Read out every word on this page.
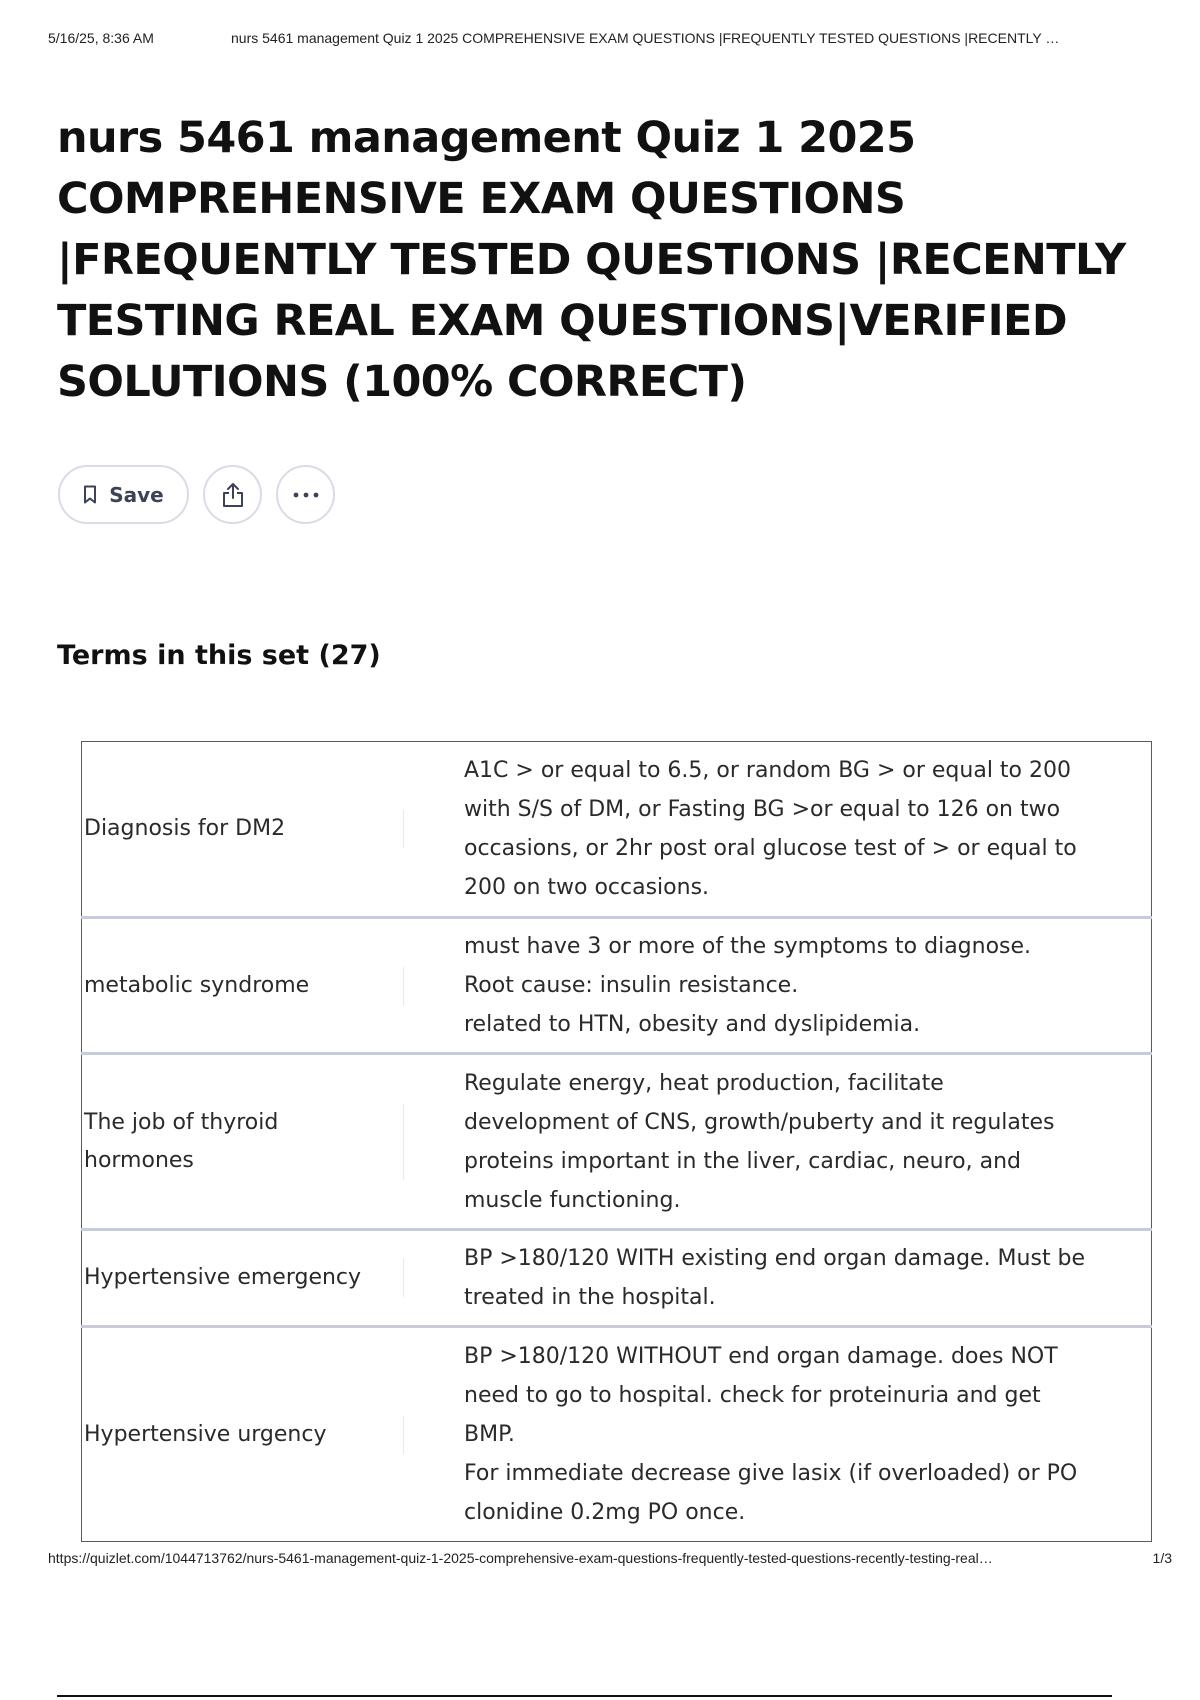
5/16/25, 8:36 AM	nurs 5461 management Quiz 1 2025 COMPREHENSIVE EXAM QUESTIONS |FREQUENTLY TESTED QUESTIONS |RECENTLY …
nurs 5461 management Quiz 1 2025 COMPREHENSIVE EXAM QUESTIONS |FREQUENTLY TESTED QUESTIONS |RECENTLY TESTING REAL EXAM QUESTIONS|VERIFIED SOLUTIONS (100% CORRECT)
Save
Terms in this set (27)
Diagnosis for DM2	A1C > or equal to 6.5, or random BG > or equal to 200 with S/S of DM, or Fasting BG >or equal to 126 on two occasions, or 2hr post oral glucose test of > or equal to 200 on two occasions.

metabolic syndrome	must have 3 or more of the symptoms to diagnose.
Root cause: insulin resistance.
related to HTN, obesity and dyslipidemia.

The job of thyroid hormones	Regulate energy, heat production, facilitate development of CNS, growth/puberty and it regulates proteins important in the liver, cardiac, neuro, and muscle functioning.

Hypertensive emergency	BP >180/120 WITH existing end organ damage. Must be treated in the hospital.

Hypertensive urgency	BP >180/120 WITHOUT end organ damage. does NOT need to go to hospital. check for proteinuria and get BMP.
For immediate decrease give lasix (if overloaded) or PO clonidine 0.2mg PO once.
https://quizlet.com/1044713762/nurs-5461-management-quiz-1-2025-comprehensive-exam-questions-frequently-tested-questions-recently-testing-real…	1/3
